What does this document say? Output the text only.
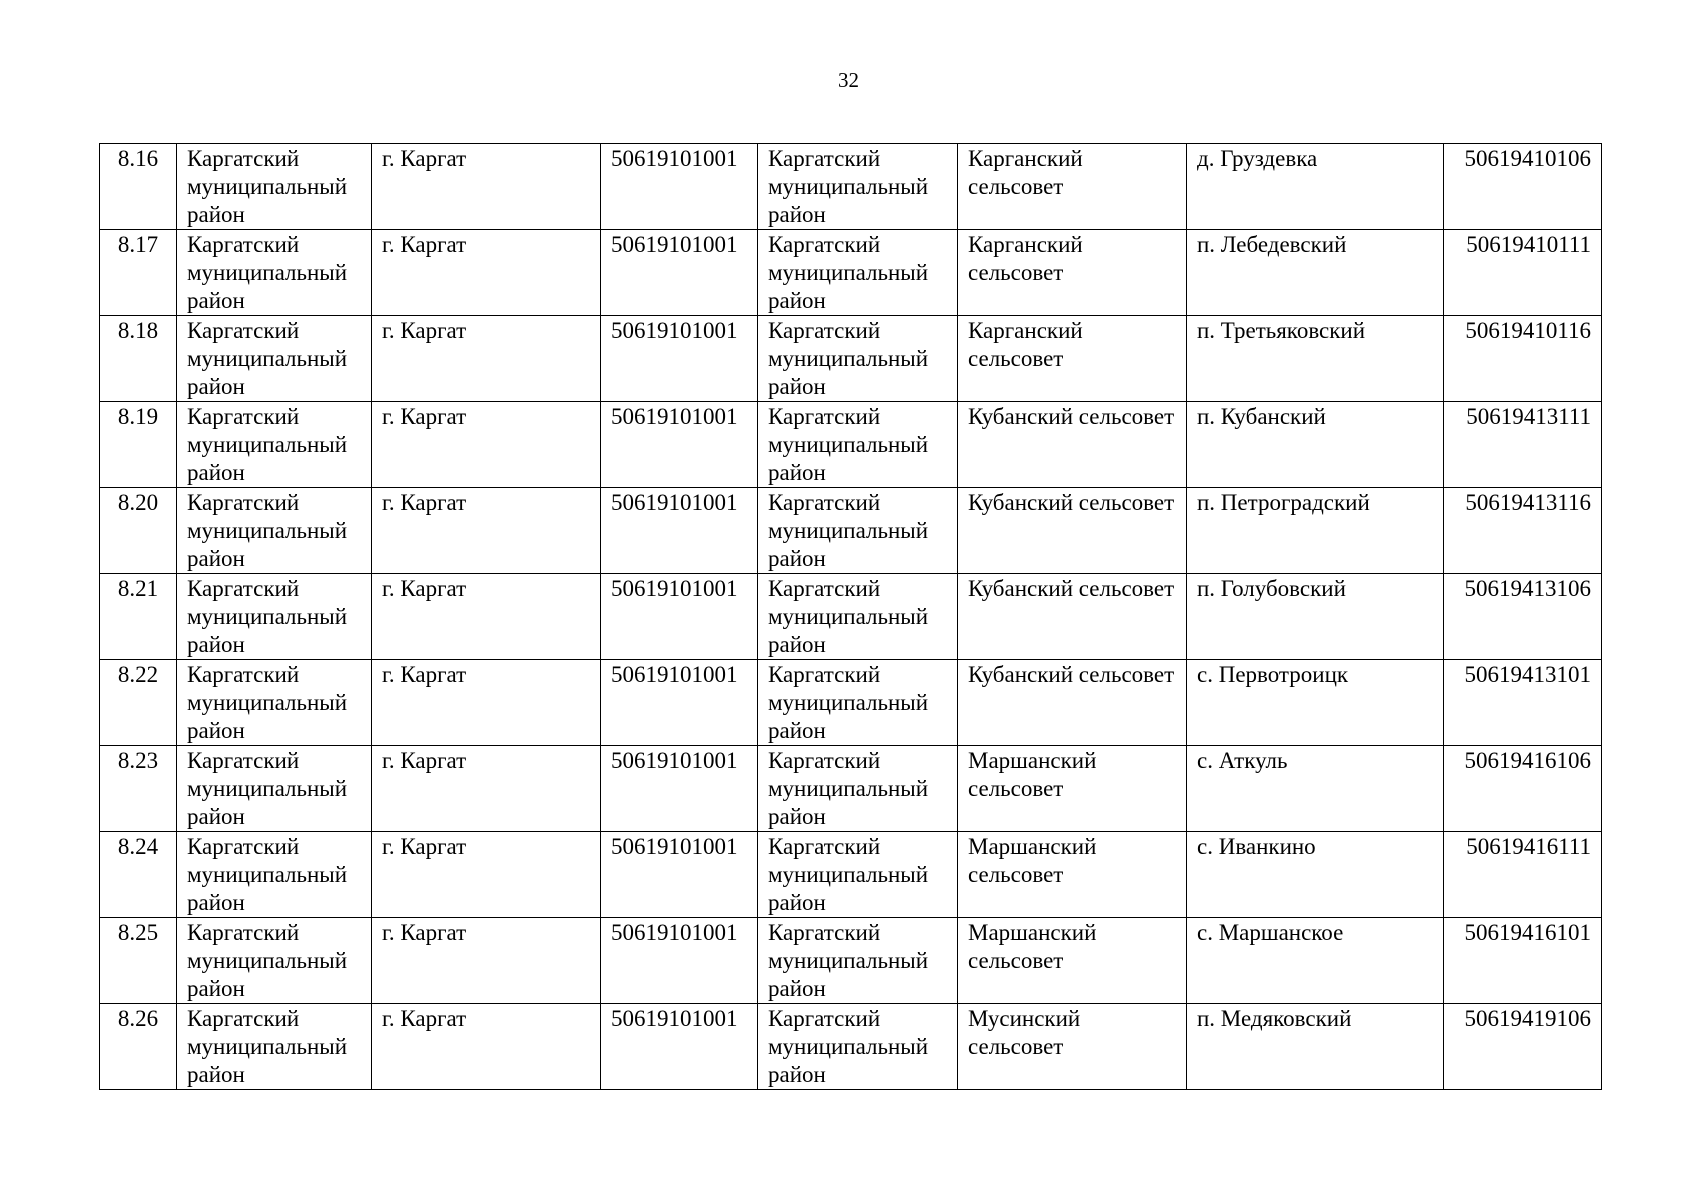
32
8.16	Каргатский муниципальный район	г. Каргат	50619101001	Каргатский муниципальный район	Карганский сельсовет	д. Груздевка	50619410106
8.17	Каргатский муниципальный район	г. Каргат	50619101001	Каргатский муниципальный район	Карганский сельсовет	п. Лебедевский	50619410111
8.18	Каргатский муниципальный район	г. Каргат	50619101001	Каргатский муниципальный район	Карганский сельсовет	п. Третьяковский	50619410116
8.19	Каргатский муниципальный район	г. Каргат	50619101001	Каргатский муниципальный район	Кубанский сельсовет	п. Кубанский	50619413111
8.20	Каргатский муниципальный район	г. Каргат	50619101001	Каргатский муниципальный район	Кубанский сельсовет	п. Петроградский	50619413116
8.21	Каргатский муниципальный район	г. Каргат	50619101001	Каргатский муниципальный район	Кубанский сельсовет	п. Голубовский	50619413106
8.22	Каргатский муниципальный район	г. Каргат	50619101001	Каргатский муниципальный район	Кубанский сельсовет	с. Первотроицк	50619413101
8.23	Каргатский муниципальный район	г. Каргат	50619101001	Каргатский муниципальный район	Маршанский сельсовет	с. Аткуль	50619416106
8.24	Каргатский муниципальный район	г. Каргат	50619101001	Каргатский муниципальный район	Маршанский сельсовет	с. Иванкино	50619416111
8.25	Каргатский муниципальный район	г. Каргат	50619101001	Каргатский муниципальный район	Маршанский сельсовет	с. Маршанское	50619416101
8.26	Каргатский муниципальный район	г. Каргат	50619101001	Каргатский муниципальный район	Мусинский сельсовет	п. Медяковский	50619419106
